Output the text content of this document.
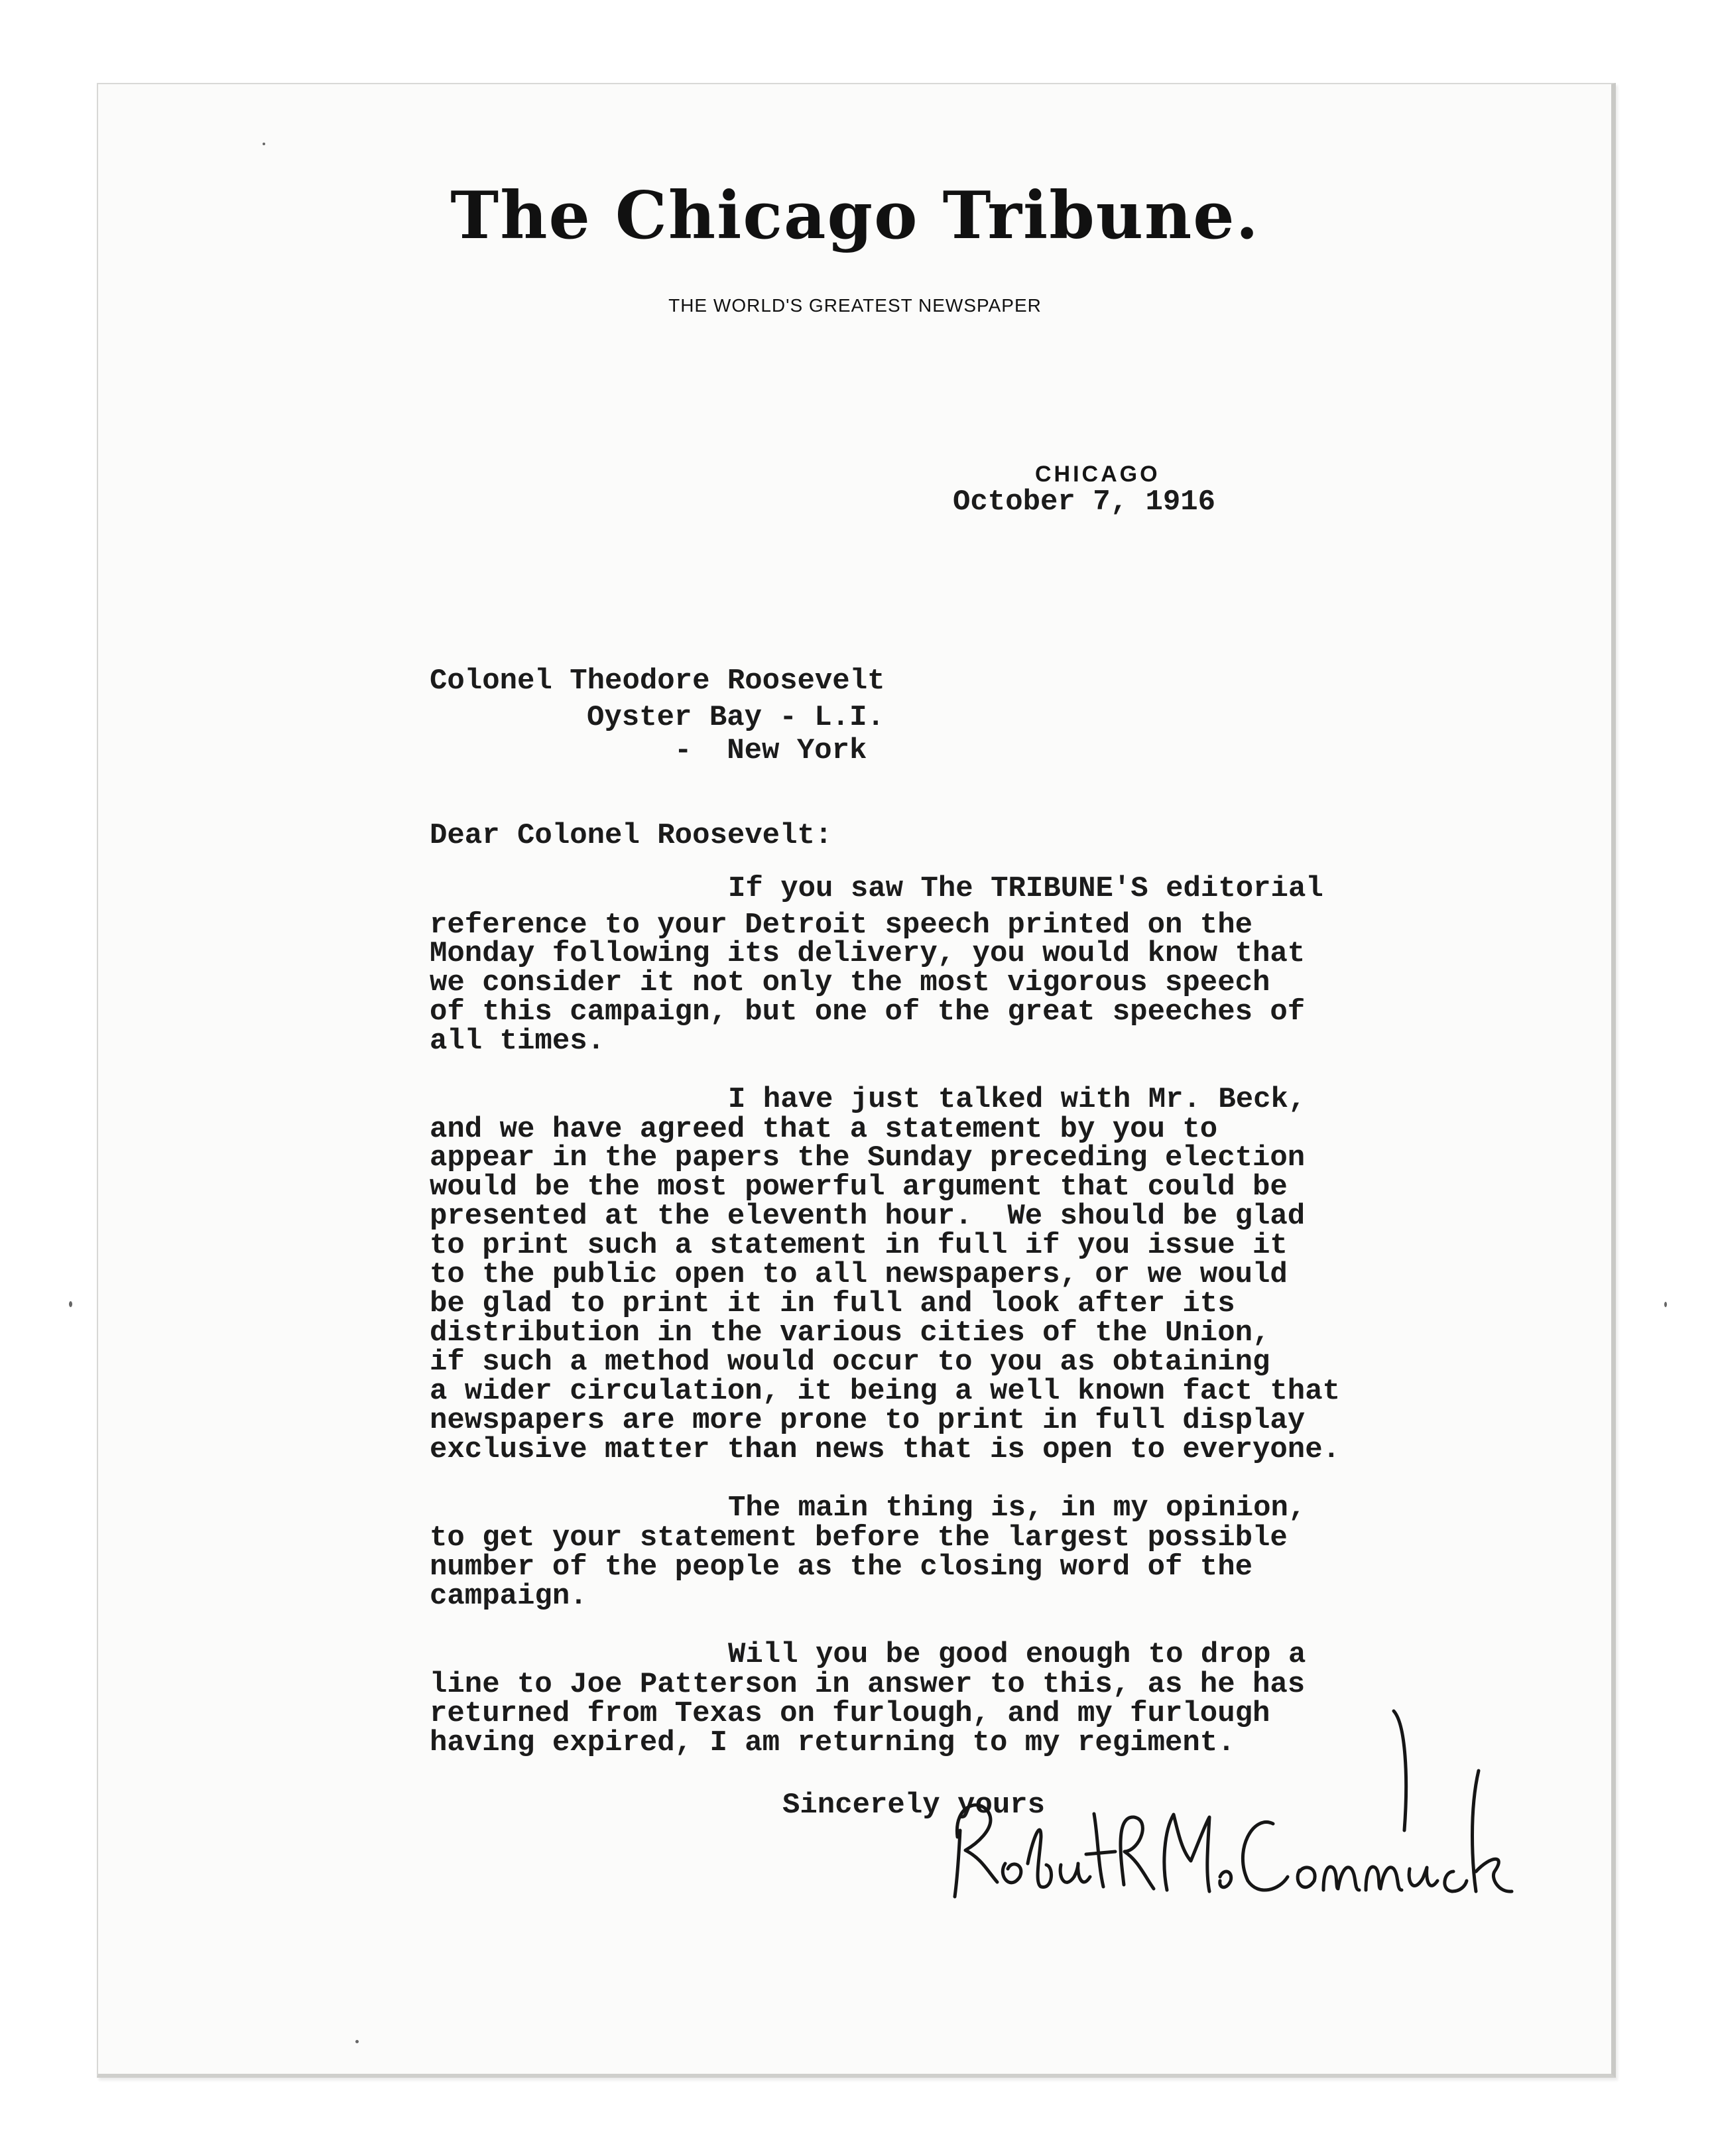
The Chicago Tribune.
THE WORLD'S GREATEST NEWSPAPER
CHICAGO
October 7, 1916
Colonel Theodore Roosevelt
Oyster Bay - L.I.
-  New York
Dear Colonel Roosevelt:
If you saw The TRIBUNE'S editorial
reference to your Detroit speech printed on the
Monday following its delivery, you would know that
we consider it not only the most vigorous speech
of this campaign, but one of the great speeches of
all times.
I have just talked with Mr. Beck,
and we have agreed that a statement by you to
appear in the papers the Sunday preceding election
would be the most powerful argument that could be
presented at the eleventh hour.  We should be glad
to print such a statement in full if you issue it
to the public open to all newspapers, or we would
be glad to print it in full and look after its
distribution in the various cities of the Union,
if such a method would occur to you as obtaining
a wider circulation, it being a well known fact that
newspapers are more prone to print in full display
exclusive matter than news that is open to everyone.
The main thing is, in my opinion,
to get your statement before the largest possible
number of the people as the closing word of the
campaign.
Will you be good enough to drop a
line to Joe Patterson in answer to this, as he has
returned from Texas on furlough, and my furlough
having expired, I am returning to my regiment.
Sincerely yours
